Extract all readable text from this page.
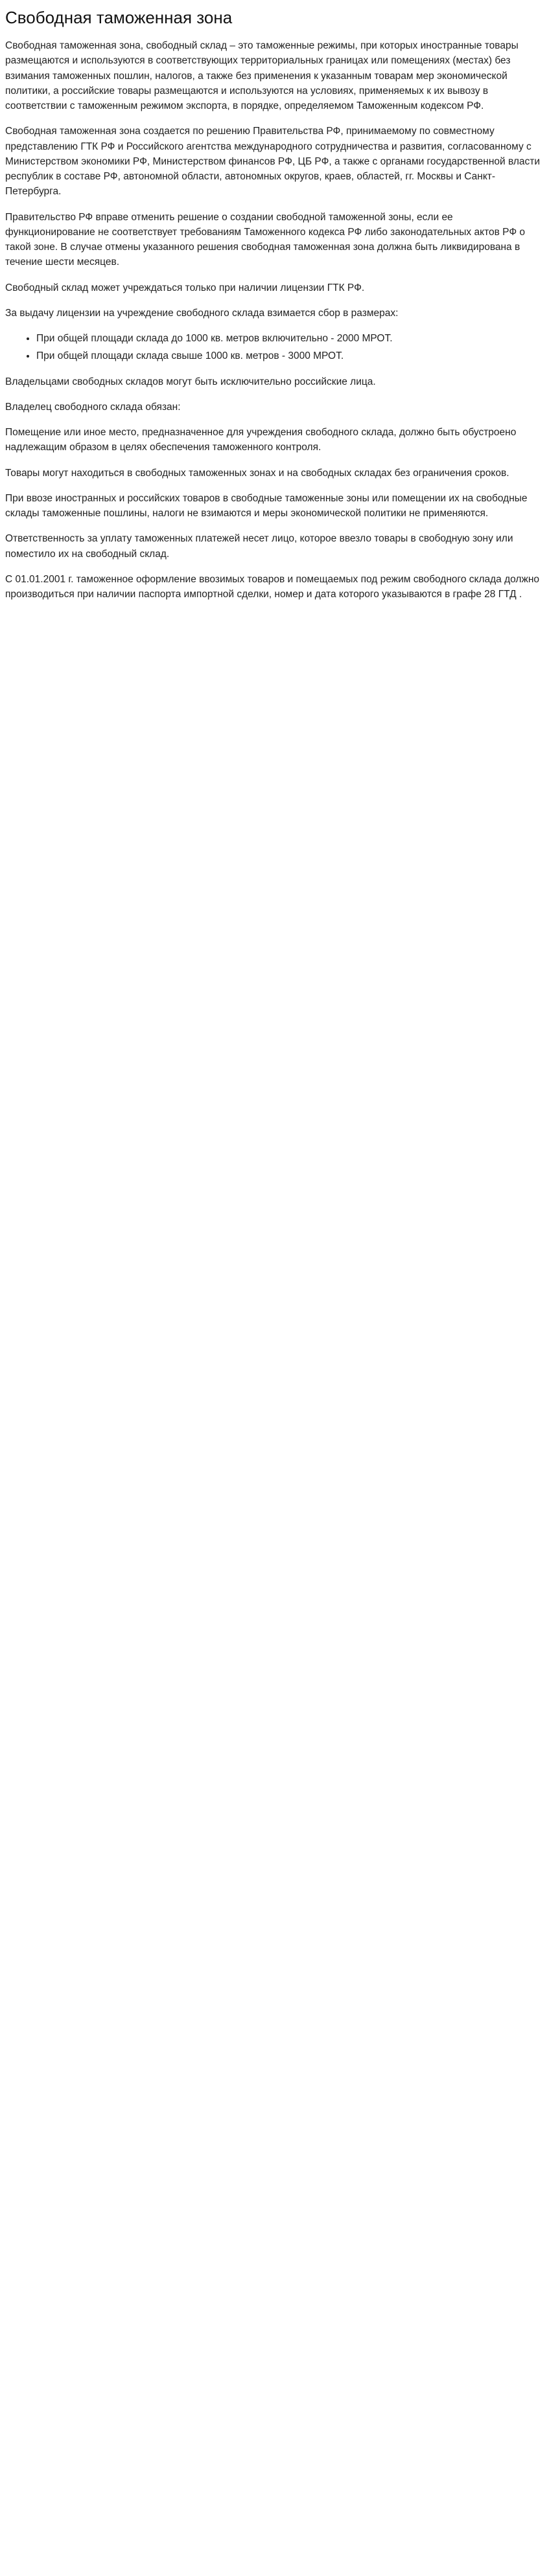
Свободная таможенная зона

Свободная таможенная зона, свободный склад – это таможенные режимы, при которых иностранные товары размещаются и используются в соответствующих территориальных границах или помещениях (местах) без взимания таможенных пошлин, налогов, а также без применения к указанным товарам мер экономической политики, а российские товары размещаются и используются на условиях, применяемых к их вывозу в соответствии с таможенным режимом экспорта, в порядке, определяемом Таможенным кодексом РФ.

Свободная таможенная зона создается по решению Правительства РФ, принимаемому по совместному представлению ГТК РФ и Российского агентства международного сотрудничества и развития, согласованному с Министерством экономики РФ, Министерством финансов РФ, ЦБ РФ, а также с органами государственной власти республик в составе РФ, автономной области, автономных округов, краев, областей, гг. Москвы и Санкт-Петербурга.

Правительство РФ вправе отменить решение о создании свободной таможенной зоны, если ее функционирование не соответствует требованиям Таможенного кодекса РФ либо законодательных актов РФ о такой зоне. В случае отмены указанного решения свободная таможенная зона должна быть ликвидирована в течение шести месяцев.

Свободный склад может учреждаться только при наличии лицензии ГТК РФ.

За выдачу лицензии на учреждение свободного склада взимается сбор в размерах:

• При общей площади склада до 1000 кв. метров включительно - 2000 МРОТ.
• При общей площади склада свыше 1000 кв. метров - 3000 МРОТ.

Владельцами свободных складов могут быть исключительно российские лица.

Владелец свободного склада обязан:

Помещение или иное место, предназначенное для учреждения свободного склада, должно быть обустроено надлежащим образом в целях обеспечения таможенного контроля.

Товары могут находиться в свободных таможенных зонах и на свободных складах без ограничения сроков.

При ввозе иностранных и российских товаров в свободные таможенные зоны или помещении их на свободные склады таможенные пошлины, налоги не взимаются и меры экономической политики не применяются.

Ответственность за уплату таможенных платежей несет лицо, которое ввезло товары в свободную зону или поместило их на свободный склад.

С 01.01.2001 г. таможенное оформление ввозимых товаров и помещаемых под режим свободного склада должно производиться при наличии паспорта импортной сделки, номер и дата которого указываются в графе 28 ГТД .
